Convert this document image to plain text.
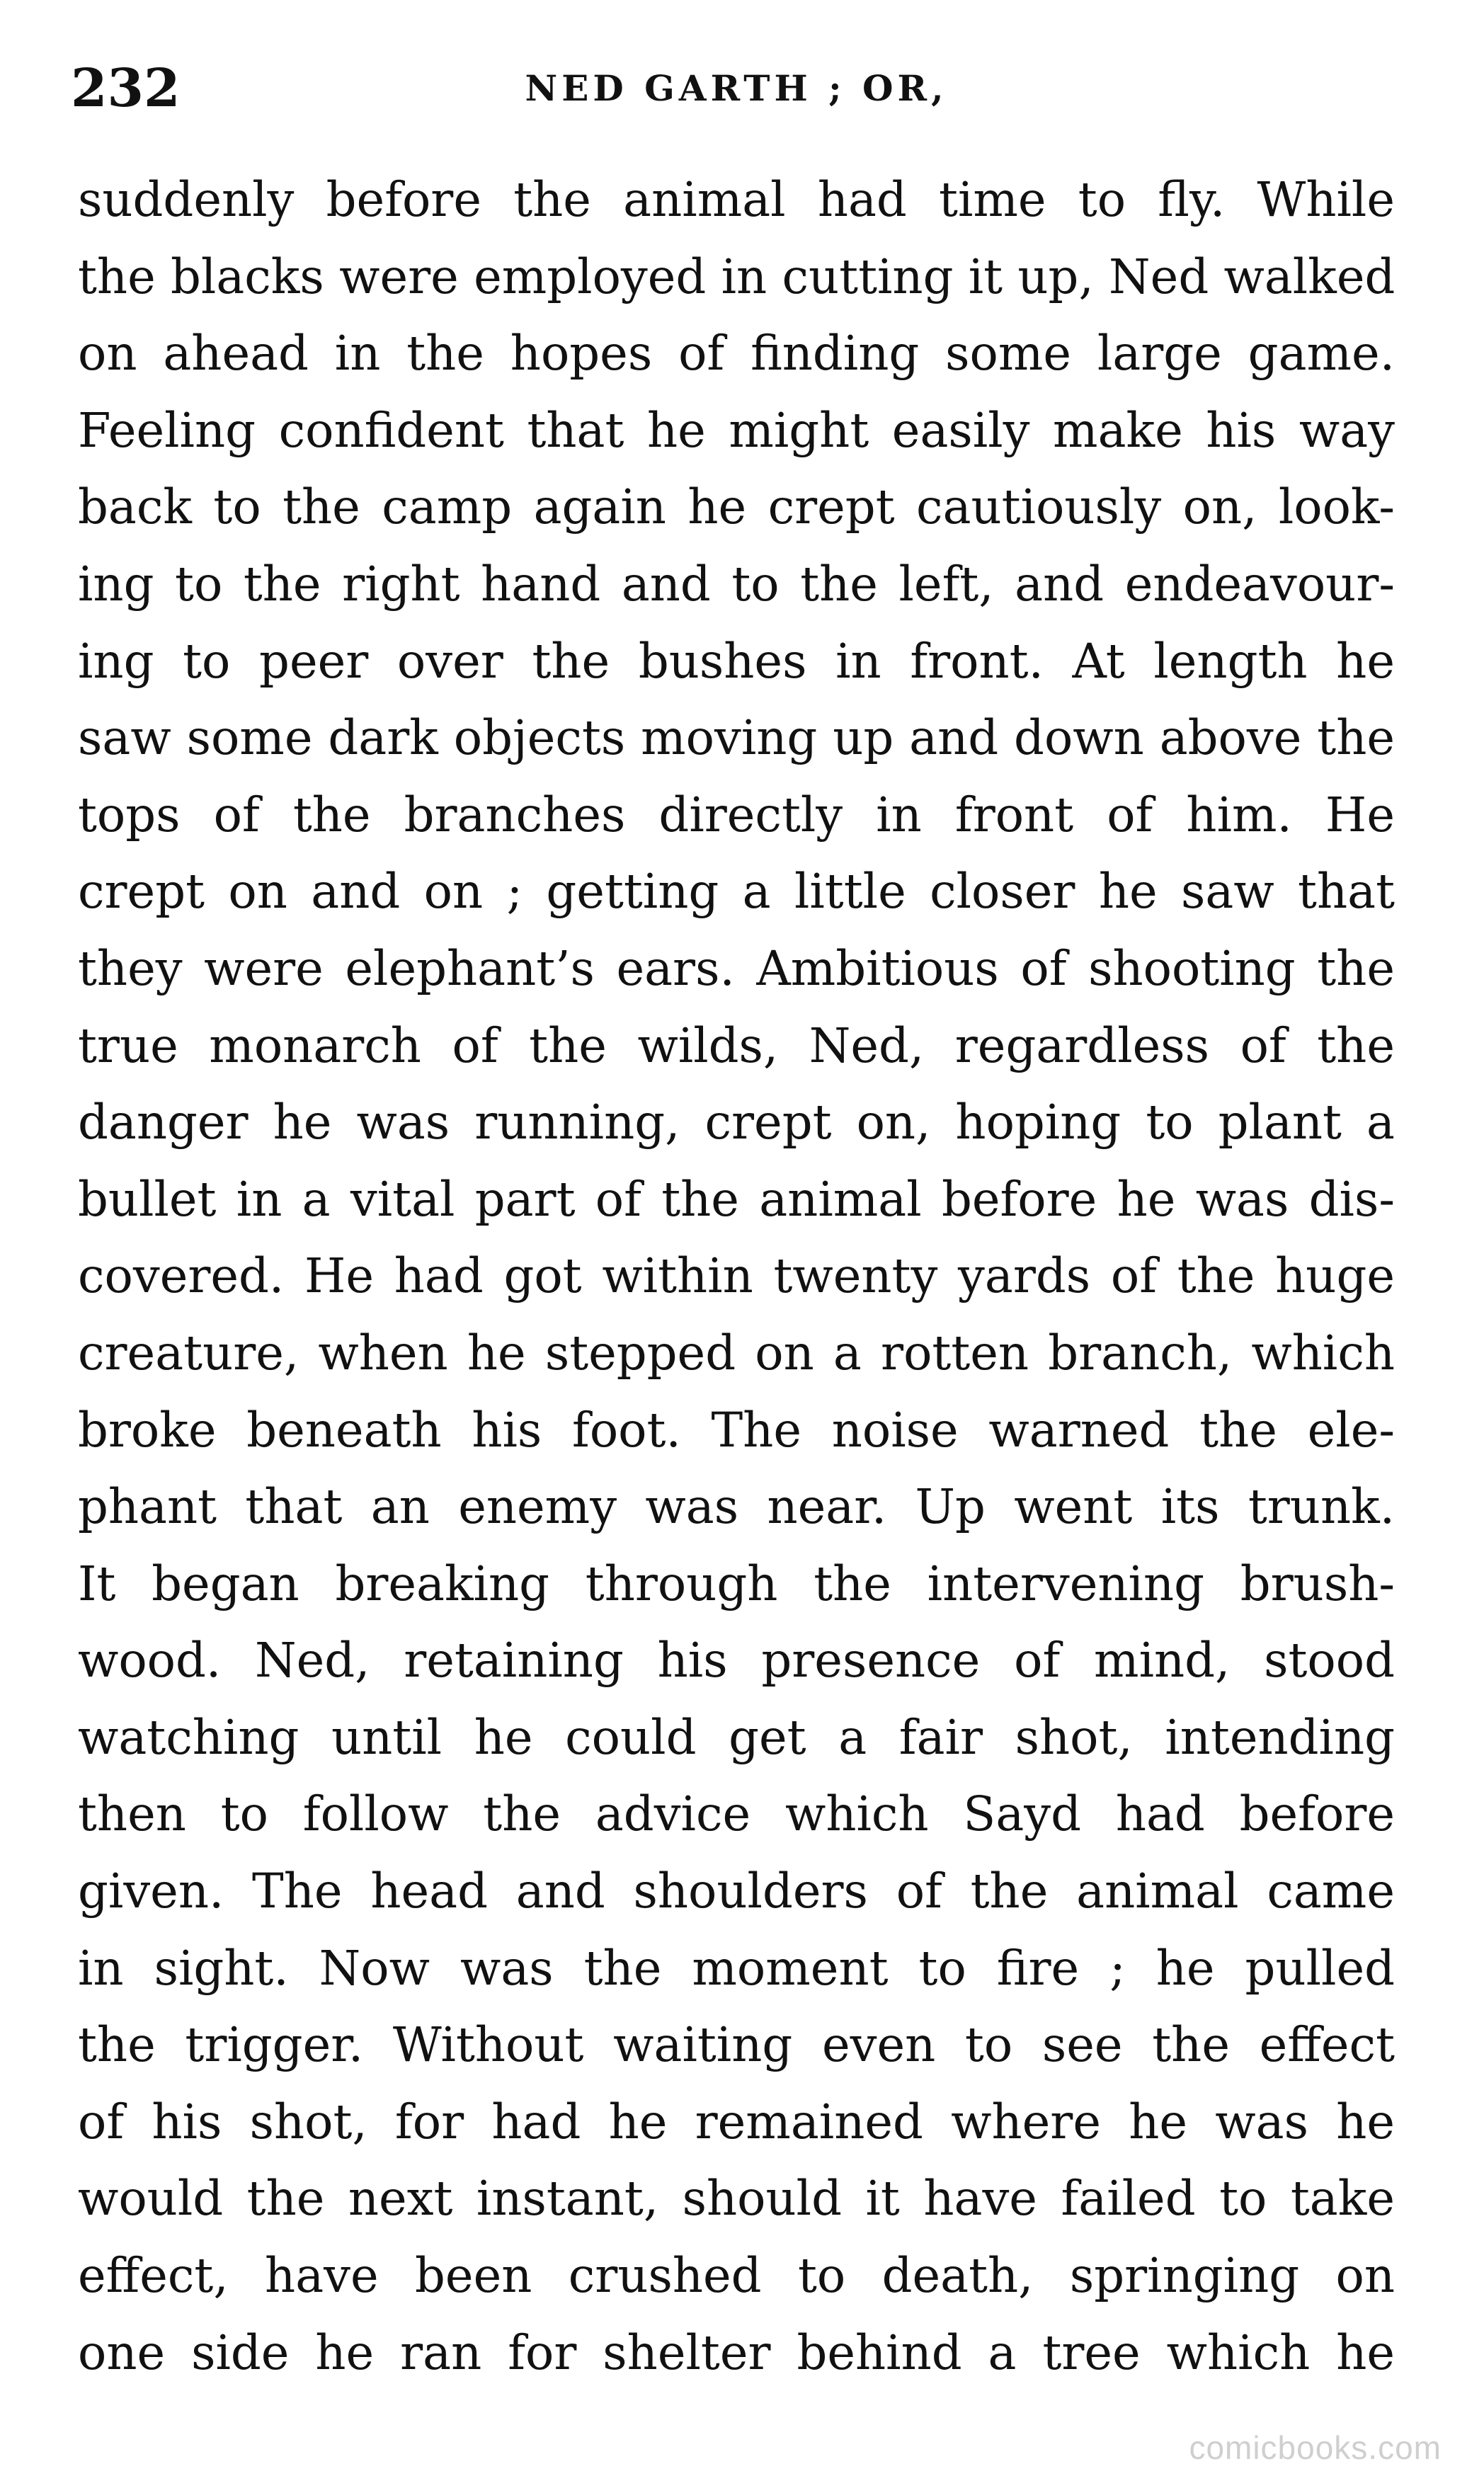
232	NED GARTH ; OR,
suddenly before the animal had time to fly. While
the blacks were employed in cutting it up, Ned walked
on ahead in the hopes of finding some large game.
Feeling confident that he might easily make his way
back to the camp again he crept cautiously on, look-
ing to the right hand and to the left, and endeavour-
ing to peer over the bushes in front. At length he
saw some dark objects moving up and down above the
tops of the branches directly in front of him. He
crept on and on ; getting a little closer he saw that
they were elephant’s ears. Ambitious of shooting the
true monarch of the wilds, Ned, regardless of the
danger he was running, crept on, hoping to plant a
bullet in a vital part of the animal before he was dis-
covered. He had got within twenty yards of the huge
creature, when he stepped on a rotten branch, which
broke beneath his foot. The noise warned the ele-
phant that an enemy was near. Up went its trunk.
It began breaking through the intervening brush-
wood. Ned, retaining his presence of mind, stood
watching until he could get a fair shot, intending
then to follow the advice which Sayd had before
given. The head and shoulders of the animal came
in sight. Now was the moment to fire ; he pulled
the trigger. Without waiting even to see the effect
of his shot, for had he remained where he was he
would the next instant, should it have failed to take
effect, have been crushed to death, springing on
one side he ran for shelter behind a tree which he
comicbooks.com
